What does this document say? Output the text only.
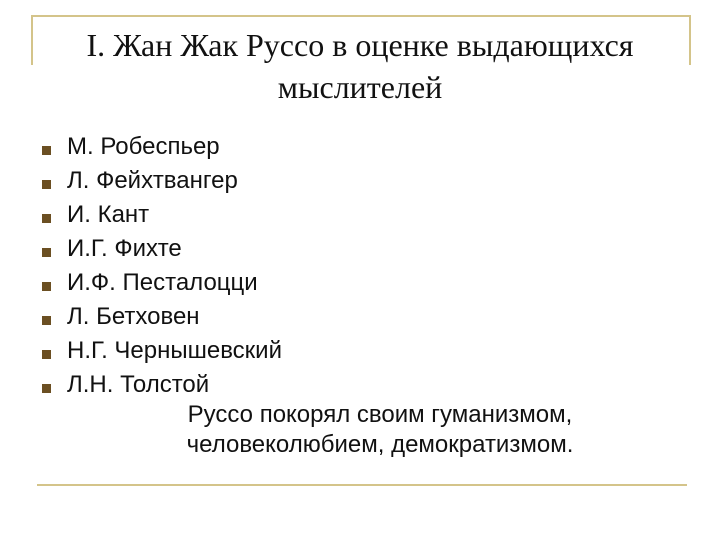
I. Жан Жак Руссо в оценке выдающихся мыслителей
М. Робеспьер
Л. Фейхтвангер
И. Кант
И.Г. Фихте
И.Ф. Песталоцци
Л. Бетховен
Н.Г. Чернышевский
Л.Н. Толстой

Руссо покорял своим гуманизмом, человеколюбием, демократизмом.
